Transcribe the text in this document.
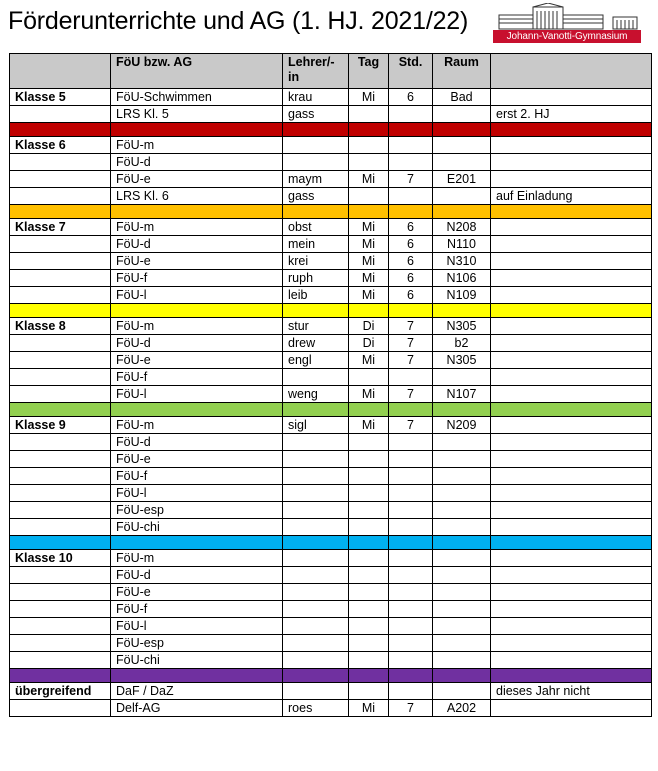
Förderunterrichte und AG (1. HJ. 2021/22)
Johann-Vanotti-Gymnasium
	FöU bzw. AG	Lehrer/-in	Tag	Std.	Raum	
Klasse 5	FöU-Schwimmen	krau	Mi	6	Bad	
	LRS Kl. 5	gass				erst 2. HJ

Klasse 6	FöU-m					
	FöU-d					
	FöU-e	maym	Mi	7	E201	
	LRS Kl. 6	gass				auf Einladung

Klasse 7	FöU-m	obst	Mi	6	N208	
	FöU-d	mein	Mi	6	N110	
	FöU-e	krei	Mi	6	N310	
	FöU-f	ruph	Mi	6	N106	
	FöU-l	leib	Mi	6	N109	

Klasse 8	FöU-m	stur	Di	7	N305	
	FöU-d	drew	Di	7	b2	
	FöU-e	engl	Mi	7	N305	
	FöU-f					
	FöU-l	weng	Mi	7	N107	

Klasse 9	FöU-m	sigl	Mi	7	N209	
	FöU-d					
	FöU-e					
	FöU-f					
	FöU-l					
	FöU-esp					
	FöU-chi					

Klasse 10	FöU-m					
	FöU-d					
	FöU-e					
	FöU-f					
	FöU-l					
	FöU-esp					
	FöU-chi					

übergreifend	DaF / DaZ					dieses Jahr nicht
	Delf-AG	roes	Mi	7	A202	
